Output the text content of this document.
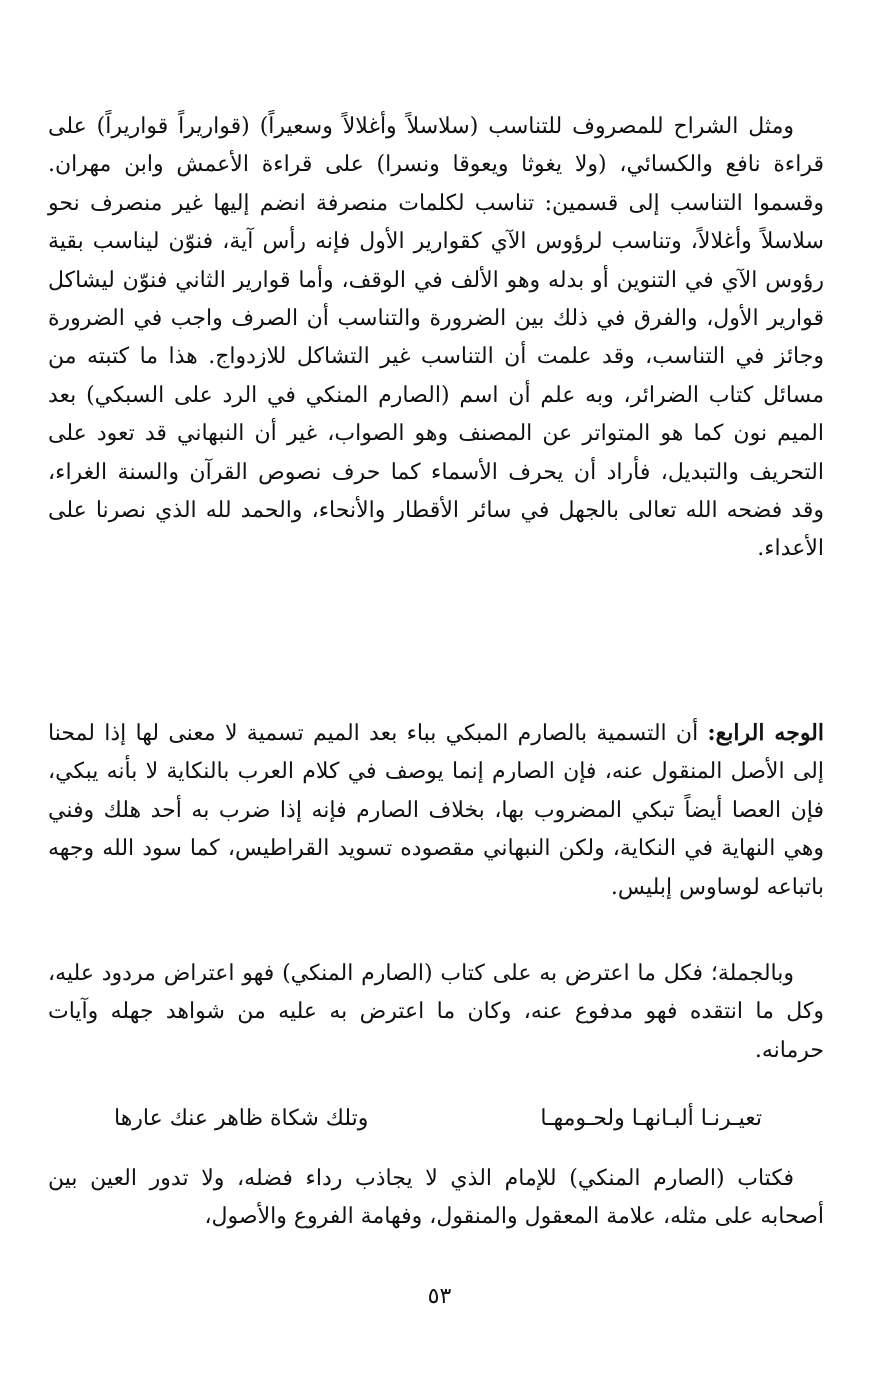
ومثل الشراح للمصروف للتناسب (سلاسلاً وأغلالاً وسعيراً) (قواريراً قواريراً) على قراءة نافع والكسائي، (ولا يغوثا ويعوقا ونسرا) على قراءة الأعمش وابن مهران. وقسموا التناسب إلى قسمين: تناسب لكلمات منصرفة انضم إليها غير منصرف نحو سلاسلاً وأغلالاً، وتناسب لرؤوس الآي كقوارير الأول فإنه رأس آية، فنوّن ليناسب بقية رؤوس الآي في التنوين أو بدله وهو الألف في الوقف، وأما قوارير الثاني فنوّن ليشاكل قوارير الأول، والفرق في ذلك بين الضرورة والتناسب أن الصرف واجب في الضرورة وجائز في التناسب، وقد علمت أن التناسب غير التشاكل للازدواج. هذا ما كتبته من مسائل كتاب الضرائر، وبه علم أن اسم (الصارم المنكي في الرد على السبكي) بعد الميم نون كما هو المتواتر عن المصنف وهو الصواب، غير أن النبهاني قد تعود على التحريف والتبديل، فأراد أن يحرف الأسماء كما حرف نصوص القرآن والسنة الغراء، وقد فضحه الله تعالى بالجهل في سائر الأقطار والأنحاء، والحمد لله الذي نصرنا على الأعداء.

الوجه الرابع: أن التسمية بالصارم المبكي بباء بعد الميم تسمية لا معنى لها إذا لمحنا إلى الأصل المنقول عنه، فإن الصارم إنما يوصف في كلام العرب بالنكاية لا بأنه يبكي، فإن العصا أيضاً تبكي المضروب بها، بخلاف الصارم فإنه إذا ضرب به أحد هلك وفني وهي النهاية في النكاية، ولكن النبهاني مقصوده تسويد القراطيس، كما سود الله وجهه باتباعه لوساوس إبليس.

وبالجملة؛ فكل ما اعترض به على كتاب (الصارم المنكي) فهو اعتراض مردود عليه، وكل ما انتقده فهو مدفوع عنه، وكان ما اعترض به عليه من شواهد جهله وآيات حرمانه.

تعيـرنـا ألبـانهـا ولحـومهـا
وتلك شكاة ظاهر عنك عارها

فكتاب (الصارم المنكي) للإمام الذي لا يجاذب رداء فضله، ولا تدور العين بين أصحابه على مثله، علامة المعقول والمنقول، وفهامة الفروع والأصول،

٥٣
